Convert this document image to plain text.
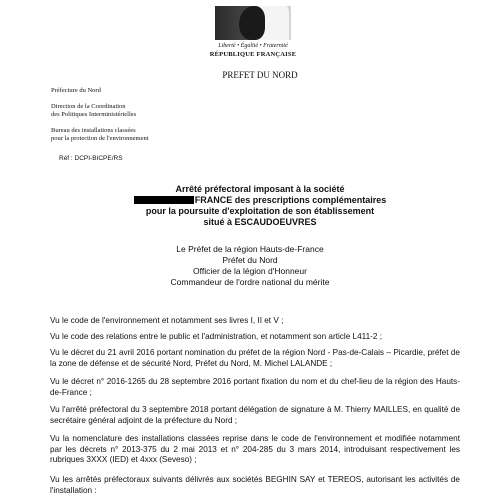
Liberté • Égalité • Fraternité
RÉPUBLIQUE FRANÇAISE
PREFET DU NORD
Préfecture du Nord
Direction de la Coordination
des Politiques Interministérielles
Bureau des installations classées
pour la protection de l'environnement
Réf : DCPI-BICPE/RS
Arrêté préfectoral imposant à la société
FRANCE des prescriptions complémentaires
pour la poursuite d'exploitation de son établissement
situé à ESCAUDOEUVRES
Le Préfet de la région Hauts-de-France
Préfet du Nord
Officier de la légion d'Honneur
Commandeur de l'ordre national du mérite
Vu le code de l'environnement et notamment ses livres I, II et V ;
Vu le code des relations entre le public et l'administration, et notamment son article L411-2 ;
Vu le décret du 21 avril 2016 portant nomination du préfet de la région Nord - Pas-de-Calais – Picardie, préfet de la zone de défense et de sécurité Nord, Préfet du Nord, M. Michel LALANDE ;
Vu le décret n° 2016-1265 du 28 septembre 2016 portant fixation du nom et du chef-lieu de la région des Hauts-de-France ;
Vu l'arrêté préfectoral du 3 septembre 2018 portant délégation de signature à M. Thierry MAILLES, en qualité de secrétaire général adjoint de la préfecture du Nord ;
Vu la nomenclature des installations classées reprise dans le code de l'environnement et modifiée notamment par les décrets n° 2013-375 du 2 mai 2013 et n° 204-285 du 3 mars 2014, introduisant respectivement les rubriques 3XXX (IED) et 4xxx (Seveso) ;
Vu les arrêtés préfectoraux suivants délivrés aux sociétés BEGHIN SAY et TEREOS, autorisant les activités de l'installation :
